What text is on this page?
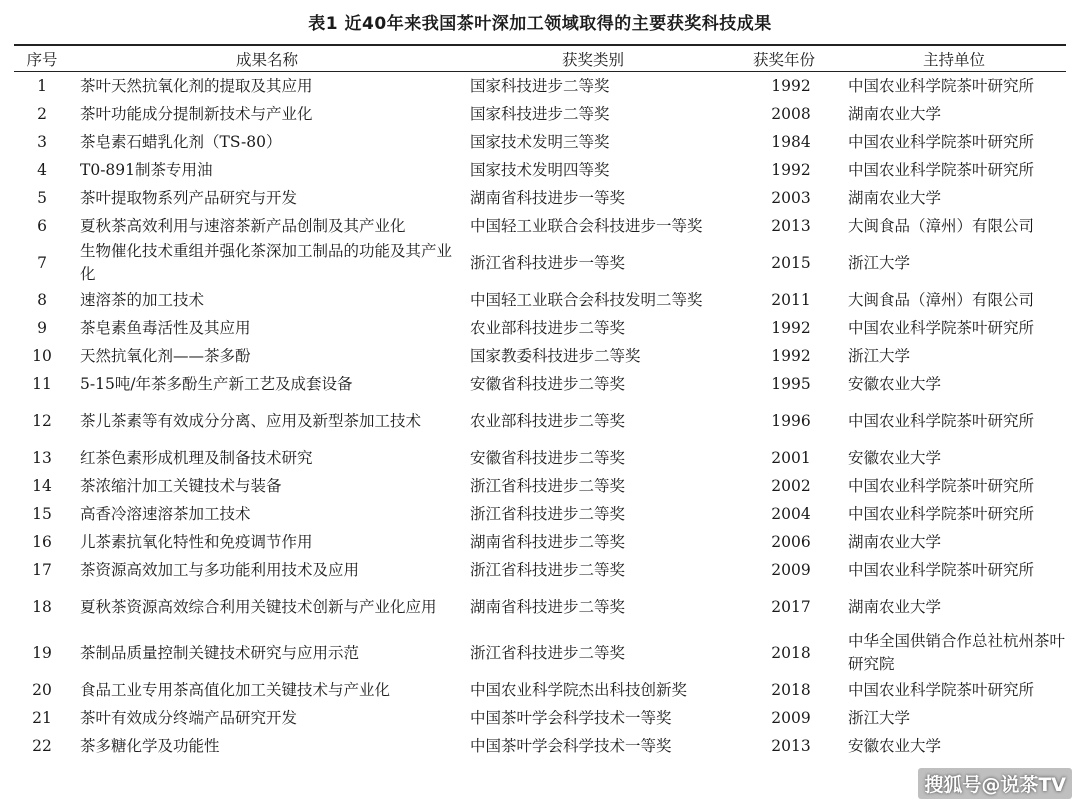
表1 近40年来我国茶叶深加工领域取得的主要获奖科技成果
序号	成果名称	获奖类别	获奖年份	主持单位
1	茶叶天然抗氧化剂的提取及其应用	国家科技进步二等奖	1992	中国农业科学院茶叶研究所
2	茶叶功能成分提制新技术与产业化	国家科技进步二等奖	2008	湖南农业大学
3	茶皂素石蜡乳化剂（TS-80）	国家技术发明三等奖	1984	中国农业科学院茶叶研究所
4	T0-891制茶专用油	国家技术发明四等奖	1992	中国农业科学院茶叶研究所
5	茶叶提取物系列产品研究与开发	湖南省科技进步一等奖	2003	湖南农业大学
6	夏秋茶高效利用与速溶茶新产品创制及其产业化	中国轻工业联合会科技进步一等奖	2013	大闽食品（漳州）有限公司
7	生物催化技术重组并强化茶深加工制品的功能及其产业化	浙江省科技进步一等奖	2015	浙江大学
8	速溶茶的加工技术	中国轻工业联合会科技发明二等奖	2011	大闽食品（漳州）有限公司
9	茶皂素鱼毒活性及其应用	农业部科技进步二等奖	1992	中国农业科学院茶叶研究所
10	天然抗氧化剂——茶多酚	国家教委科技进步二等奖	1992	浙江大学
11	5-15吨/年茶多酚生产新工艺及成套设备	安徽省科技进步二等奖	1995	安徽农业大学
12	茶儿茶素等有效成分分离、应用及新型茶加工技术	农业部科技进步二等奖	1996	中国农业科学院茶叶研究所
13	红茶色素形成机理及制备技术研究	安徽省科技进步二等奖	2001	安徽农业大学
14	茶浓缩汁加工关键技术与装备	浙江省科技进步二等奖	2002	中国农业科学院茶叶研究所
15	高香冷溶速溶茶加工技术	浙江省科技进步二等奖	2004	中国农业科学院茶叶研究所
16	儿茶素抗氧化特性和免疫调节作用	湖南省科技进步二等奖	2006	湖南农业大学
17	茶资源高效加工与多功能利用技术及应用	浙江省科技进步二等奖	2009	中国农业科学院茶叶研究所
18	夏秋茶资源高效综合利用关键技术创新与产业化应用	湖南省科技进步二等奖	2017	湖南农业大学
19	茶制品质量控制关键技术研究与应用示范	浙江省科技进步二等奖	2018	中华全国供销合作总社杭州茶叶研究院
20	食品工业专用茶高值化加工关键技术与产业化	中国农业科学院杰出科技创新奖	2018	中国农业科学院茶叶研究所
21	茶叶有效成分终端产品研究开发	中国茶叶学会科学技术一等奖	2009	浙江大学
22	茶多糖化学及功能性	中国茶叶学会科学技术一等奖	2013	安徽农业大学
搜狐号@说茶TV
